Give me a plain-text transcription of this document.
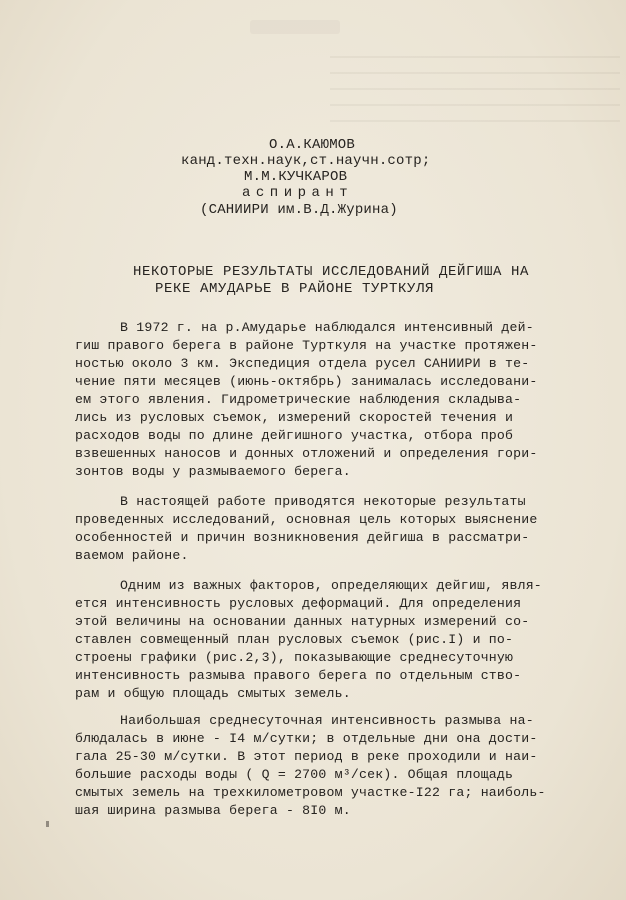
О.А.КАЮМОВ
канд.техн.наук,ст.научн.сотр;
М.М.КУЧКАРОВ
аспирант
(САНИИРИ им.В.Д.Журина)
НЕКОТОРЫЕ РЕЗУЛЬТАТЫ ИССЛЕДОВАНИЙ ДЕЙГИША НА
РЕКЕ АМУДАРЬЕ В РАЙОНЕ ТУРТКУЛЯ
В 1972 г. на р.Амударье наблюдался интенсивный дей-
гиш правого берега в районе Турткуля на участке протяжен-
ностью около 3 км. Экспедиция отдела русел САНИИРИ в те-
чение пяти месяцев (июнь-октябрь) занималась исследовани-
ем этого явления. Гидрометрические наблюдения складыва-
лись из русловых съемок, измерений скоростей течения и
расходов воды по длине дейгишного участка, отбора проб
взвешенных наносов и донных отложений и определения гори-
зонтов воды у размываемого берега.
В настоящей работе приводятся некоторые результаты
проведенных исследований, основная цель которых выяснение
особенностей и причин возникновения дейгиша в рассматри-
ваемом районе.
Одним из важных факторов, определяющих дейгиш, явля-
ется интенсивность русловых деформаций. Для определения
этой величины на основании данных натурных измерений со-
ставлен совмещенный план русловых съемок (рис.I) и по-
строены графики (рис.2,3), показывающие среднесуточную
интенсивность размыва правого берега по отдельным ство-
рам и общую площадь смытых земель.
Наибольшая среднесуточная интенсивность размыва на-
блюдалась в июне - I4 м/сутки; в отдельные дни она дости-
гала 25-30 м/сутки. В этот период в реке проходили и наи-
большие расходы воды ( Q = 2700 м³/сек). Общая площадь
смытых земель на трехкилометровом участке-I22 га; наиболь-
шая ширина размыва берега - 8I0 м.
